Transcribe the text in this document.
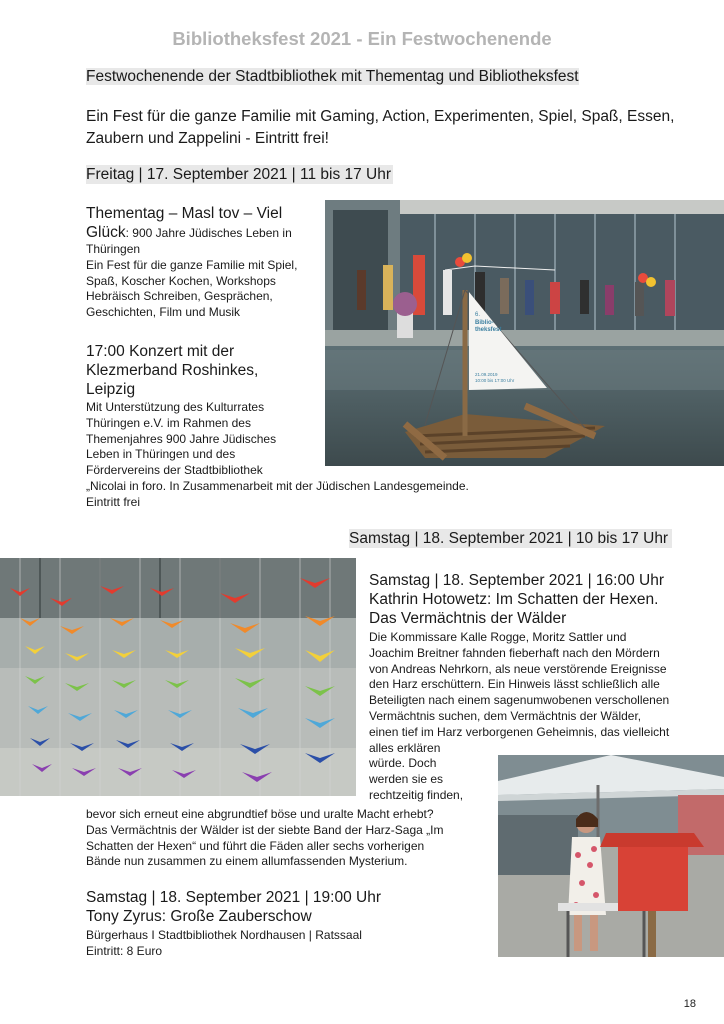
Bibliotheksfest 2021 - Ein Festwochenende
Festwochenende der Stadtbibliothek mit Thementag und Bibliotheksfest
Ein Fest für die ganze Familie mit Gaming, Action, Experimenten, Spiel, Spaß, Essen, Zaubern und Zappelini - Eintritt frei!
Freitag | 17. September 2021 | 11 bis 17 Uhr
Thementag – Masl tov – Viel
Glück: 900 Jahre Jüdisches Leben in
Thüringen
Ein Fest für die ganze Familie mit Spiel,
Spaß, Koscher Kochen, Workshops
Hebräisch Schreiben, Gesprächen,
Geschichten, Film und Musik
17:00 Konzert mit der
Klezmerband Roshinkes,
Leipzig
Mit Unterstützung des Kulturrates
Thüringen e.V. im Rahmen des
Themenjahres 900 Jahre Jüdisches
Leben in Thüringen und des
Fördervereins der Stadtbibliothek
„Nicolai in foro. In Zusammenarbeit mit der Jüdischen Landesgemeinde.
Eintritt frei
6.
Biblio-
theksfest
21.09.2019
10:00 bis 17:00 Uhr
Samstag | 18. September 2021 | 10 bis 17 Uhr
Samstag | 18. September 2021 | 16:00 Uhr
Kathrin Hotowetz: Im Schatten der Hexen.
Das Vermächtnis der Wälder
Die Kommissare Kalle Rogge, Moritz Sattler und
Joachim Breitner fahnden fieberhaft nach den Mördern
von Andreas Nehrkorn, als neue verstörende Ereignisse
den Harz erschüttern. Ein Hinweis lässt schließlich alle
Beteiligten nach einem sagenumwobenen verschollenen
Vermächtnis suchen, dem Vermächtnis der Wälder,
einen tief im Harz verborgenen Geheimnis, das vielleicht
alles erklären
würde. Doch
werden sie es
rechtzeitig finden,
bevor sich erneut eine abgrundtief böse und uralte Macht erhebt?
Das Vermächtnis der Wälder ist der siebte Band der Harz-Saga „Im
Schatten der Hexen“ und führt die Fäden aller sechs vorherigen
Bände nun zusammen zu einem allumfassenden Mysterium.
Samstag | 18. September 2021 | 19:00 Uhr
Tony Zyrus: Große Zauberschow
Bürgerhaus I Stadtbibliothek Nordhausen | Ratssaal
Eintritt: 8 Euro
18
